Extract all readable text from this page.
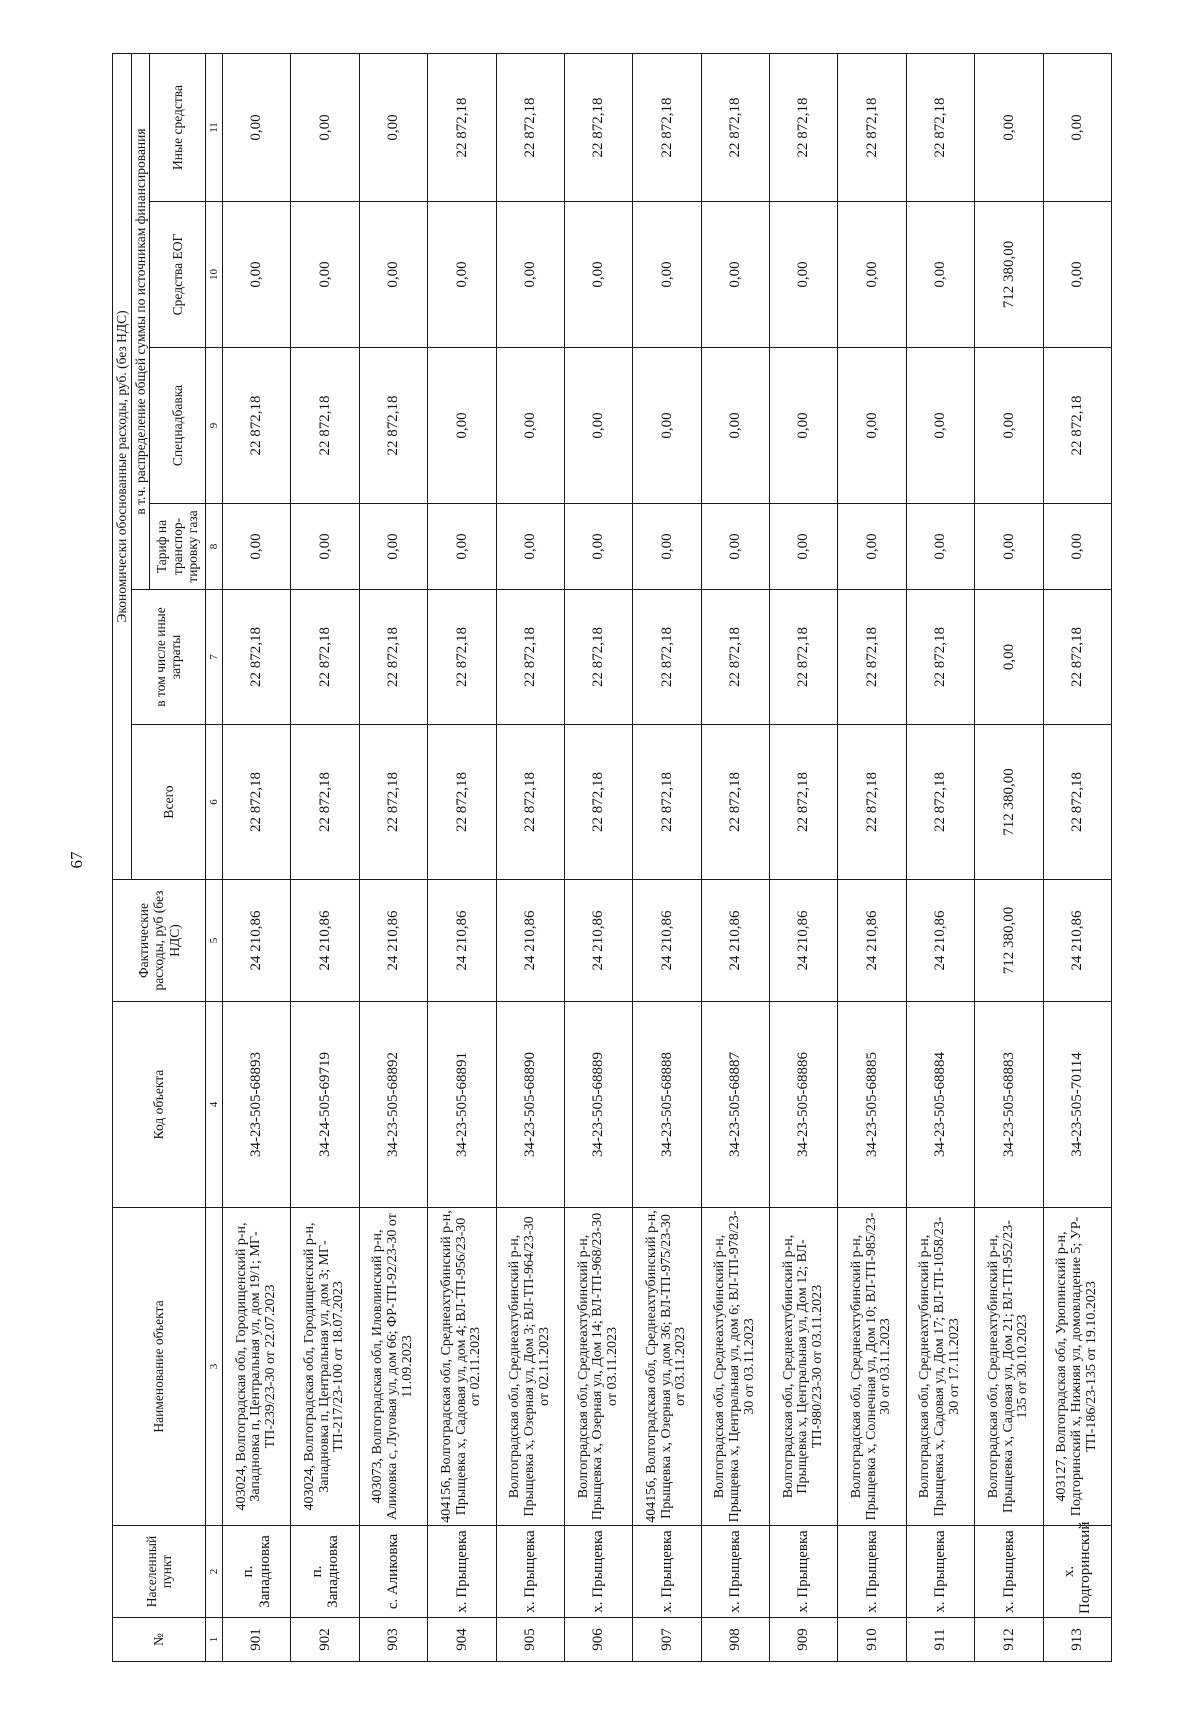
67
№	Населенный пункт	Наименование объекта	Код объекта	Фактические расходы, руб (без НДС)	Экономически обоснованные расходы, руб. (без НДС)					
					Всего	в том числе иные затраты	в т.ч. распределение общей суммы по источникам финансирования			
							Тариф на транспор-тировку газа	Спецнадбавка	Средства ЕОГ	Иные средства
1	2	3	4	5	6	7	8	9	10	11
901	п. Западновка	403024, Волгоградская обл, Городищенский р-н, Западновка п, Центральная ул, дом 19/1; МГ-ТП-239/23-30 от 22.07.2023	34-23-505-68893	24 210,86	22 872,18	22 872,18	0,00	22 872,18	0,00	0,00
902	п. Западновка	403024, Волгоградская обл, Городищенский р-н, Западновка п, Центральная ул, дом 3; МГ-ТП-217/23-100 от 18.07.2023	34-24-505-69719	24 210,86	22 872,18	22 872,18	0,00	22 872,18	0,00	0,00
903	с. Аликовка	403073, Волгоградская обл, Иловлинский р-н, Аликовка с, Луговая ул, дом 66; ФР-ТП-92/23-30 от 11.09.2023	34-23-505-68892	24 210,86	22 872,18	22 872,18	0,00	22 872,18	0,00	0,00
904	х. Прыщевка	404156, Волгоградская обл, Среднеахтубинский р-н, Прыщевка х, Садовая ул, дом 4; ВЛ-ТП-956/23-30 от 02.11.2023	34-23-505-68891	24 210,86	22 872,18	22 872,18	0,00	0,00	0,00	22 872,18
905	х. Прыщевка	Волгоградская обл, Среднеахтубинский р-н, Прыщевка х, Озерная ул, Дом 3; ВЛ-ТП-964/23-30 от 02.11.2023	34-23-505-68890	24 210,86	22 872,18	22 872,18	0,00	0,00	0,00	22 872,18
906	х. Прыщевка	Волгоградская обл, Среднеахтубинский р-н, Прыщевка х, Озерная ул, Дом 14; ВЛ-ТП-968/23-30 от 03.11.2023	34-23-505-68889	24 210,86	22 872,18	22 872,18	0,00	0,00	0,00	22 872,18
907	х. Прыщевка	404156, Волгоградская обл, Среднеахтубинский р-н, Прыщевка х, Озерная ул, дом 36; ВЛ-ТП-975/23-30 от 03.11.2023	34-23-505-68888	24 210,86	22 872,18	22 872,18	0,00	0,00	0,00	22 872,18
908	х. Прыщевка	Волгоградская обл, Среднеахтубинский р-н, Прыщевка х, Центральная ул, дом 6; ВЛ-ТП-978/23-30 от 03.11.2023	34-23-505-68887	24 210,86	22 872,18	22 872,18	0,00	0,00	0,00	22 872,18
909	х. Прыщевка	Волгоградская обл, Среднеахтубинский р-н, Прыщевка х, Центральная ул, Дом 12; ВЛ-ТП-980/23-30 от 03.11.2023	34-23-505-68886	24 210,86	22 872,18	22 872,18	0,00	0,00	0,00	22 872,18
910	х. Прыщевка	Волгоградская обл, Среднеахтубинский р-н, Прыщевка х, Солнечная ул, Дом 10; ВЛ-ТП-985/23-30 от 03.11.2023	34-23-505-68885	24 210,86	22 872,18	22 872,18	0,00	0,00	0,00	22 872,18
911	х. Прыщевка	Волгоградская обл, Среднеахтубинский р-н, Прыщевка х, Садовая ул, Дом 17; ВЛ-ТП-1058/23-30 от 17.11.2023	34-23-505-68884	24 210,86	22 872,18	22 872,18	0,00	0,00	0,00	22 872,18
912	х. Прыщевка	Волгоградская обл, Среднеахтубинский р-н, Прыщевка х, Садовая ул, Дом 21; ВЛ-ТП-952/23-135 от 30.10.2023	34-23-505-68883	712 380,00	712 380,00	0,00	0,00	0,00	712 380,00	0,00
913	х. Подгоринский	403127, Волгоградская обл, Урюпинский р-н, Подгоринский х, Нижняя ул, домовладение 5; УР-ТП-186/23-135 от 19.10.2023	34-23-505-70114	24 210,86	22 872,18	22 872,18	0,00	22 872,18	0,00	0,00
